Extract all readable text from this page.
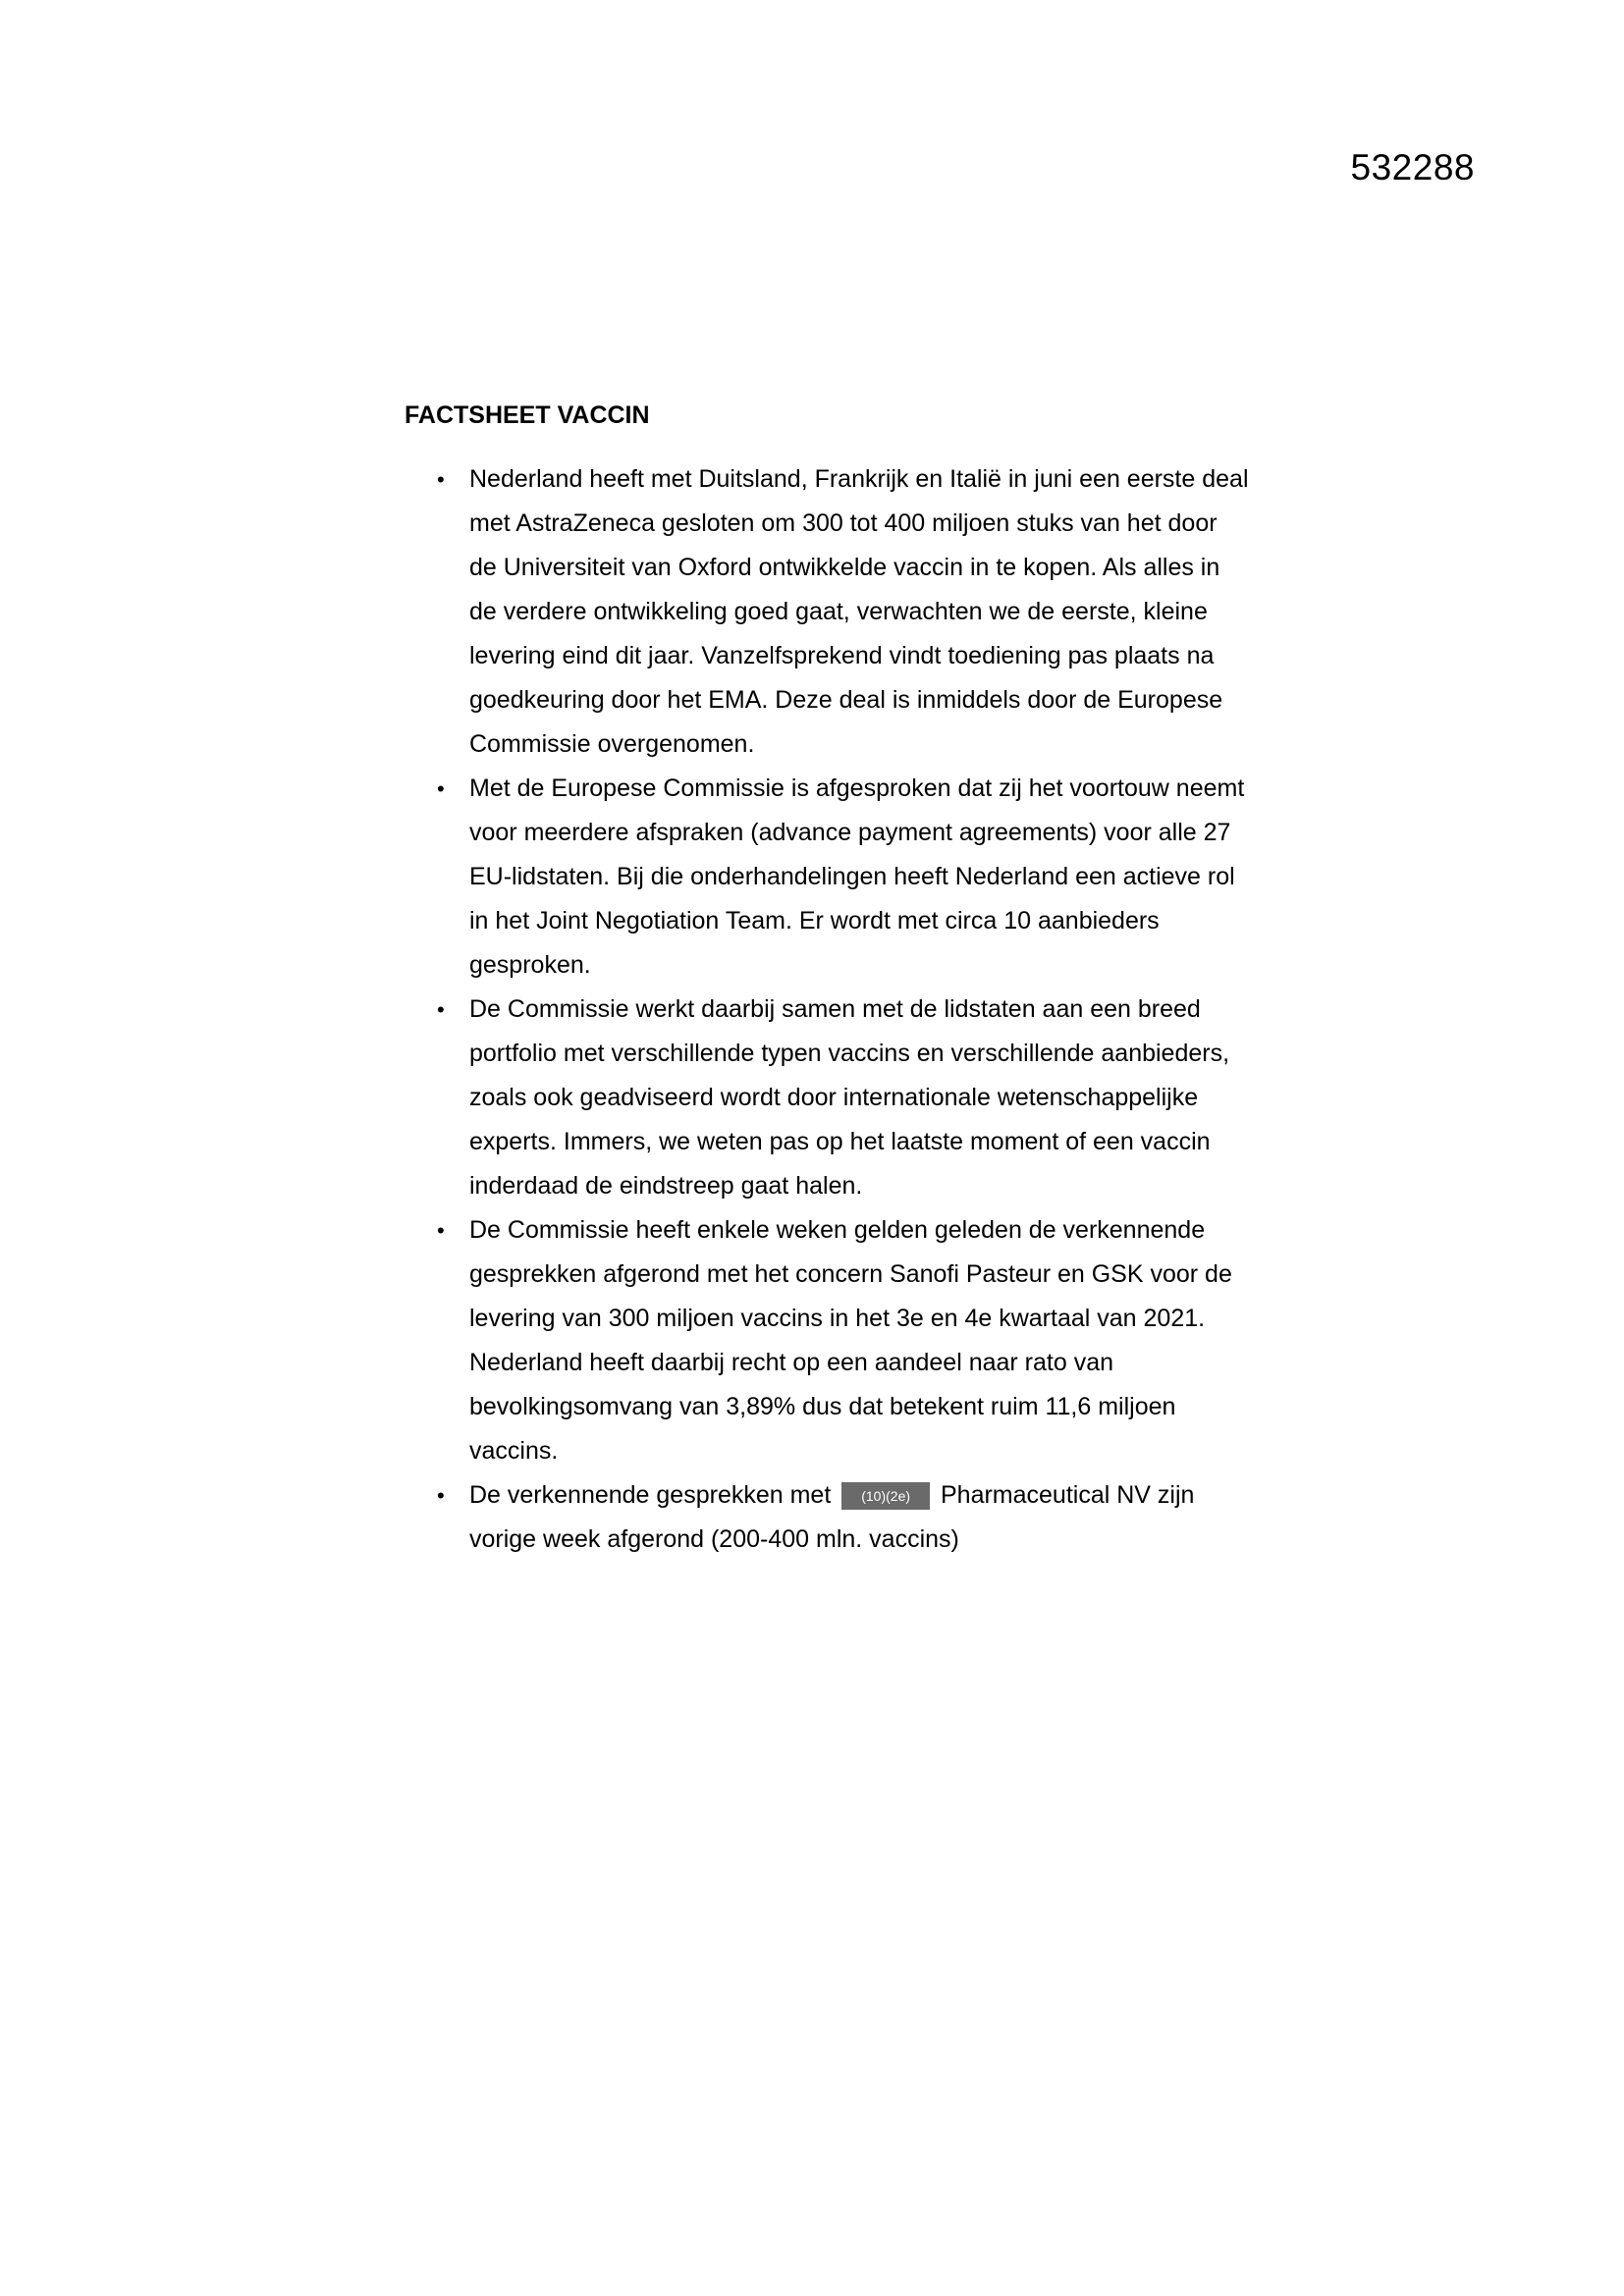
532288
FACTSHEET VACCIN
• Nederland heeft met Duitsland, Frankrijk en Italië in juni een eerste deal met AstraZeneca gesloten om 300 tot 400 miljoen stuks van het door de Universiteit van Oxford ontwikkelde vaccin in te kopen. Als alles in de verdere ontwikkeling goed gaat, verwachten we de eerste, kleine levering eind dit jaar. Vanzelfsprekend vindt toediening pas plaats na goedkeuring door het EMA. Deze deal is inmiddels door de Europese Commissie overgenomen.
• Met de Europese Commissie is afgesproken dat zij het voortouw neemt voor meerdere afspraken (advance payment agreements) voor alle 27 EU-lidstaten. Bij die onderhandelingen heeft Nederland een actieve rol in het Joint Negotiation Team. Er wordt met circa 10 aanbieders gesproken.
• De Commissie werkt daarbij samen met de lidstaten aan een breed portfolio met verschillende typen vaccins en verschillende aanbieders, zoals ook geadviseerd wordt door internationale wetenschappelijke experts. Immers, we weten pas op het laatste moment of een vaccin inderdaad de eindstreep gaat halen.
• De Commissie heeft enkele weken gelden geleden de verkennende gesprekken afgerond met het concern Sanofi Pasteur en GSK voor de levering van 300 miljoen vaccins in het 3e en 4e kwartaal van 2021. Nederland heeft daarbij recht op een aandeel naar rato van bevolkingsomvang van 3,89% dus dat betekent ruim 11,6 miljoen vaccins.
• De verkennende gesprekken met (10)(2e) Pharmaceutical NV zijn vorige week afgerond (200-400 mln. vaccins)
